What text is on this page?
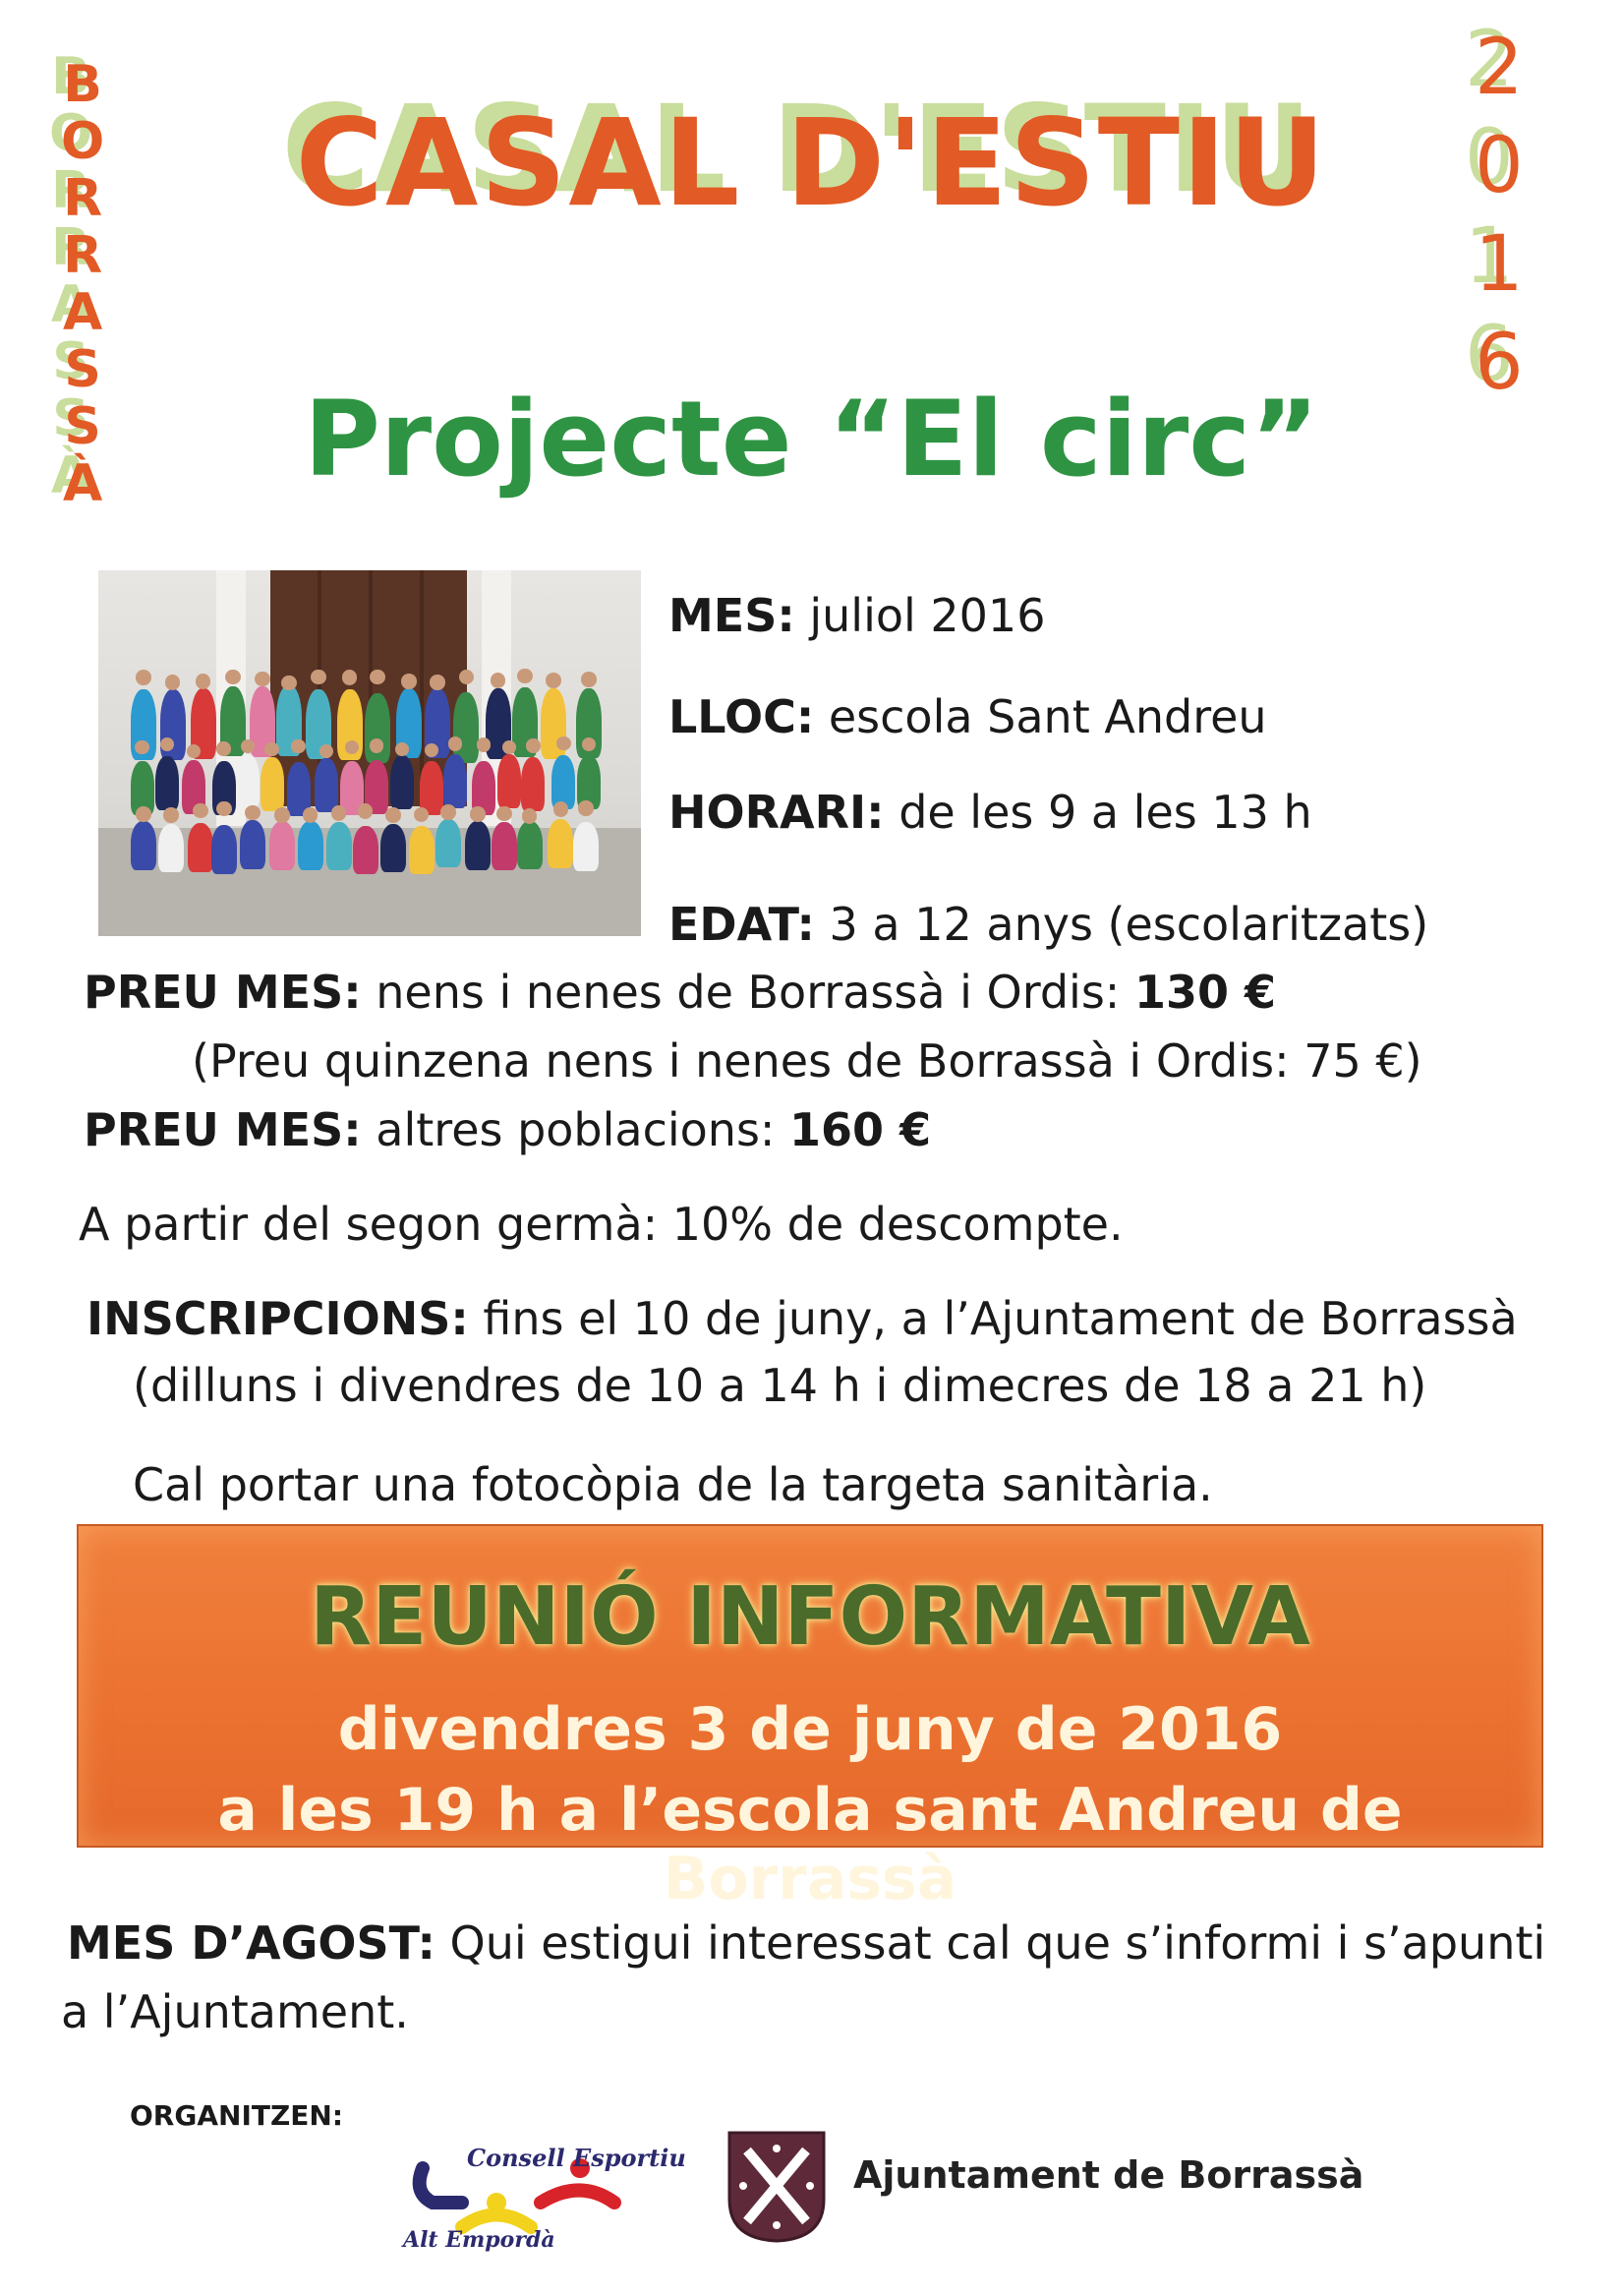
B
O
R
R
A
S
S
À
2
0
1
6
CASAL D'ESTIU
Projecte “El circ”
MES: juliol 2016
LLOC: escola Sant Andreu
HORARI: de les 9 a les 13 h
EDAT: 3 a 12 anys (escolaritzats)
PREU MES: nens i nenes de Borrassà i Ordis: 130 €
(Preu quinzena nens i nenes de Borrassà i Ordis: 75 €)
PREU MES: altres poblacions: 160 €
A partir del segon germà: 10% de descompte.
INSCRIPCIONS: fins el 10 de juny, a l’Ajuntament de Borrassà
(dilluns i divendres de 10 a 14 h i dimecres de 18 a 21 h)
Cal portar una fotocòpia de la targeta sanitària.
REUNIÓ INFORMATIVA
divendres 3 de juny de 2016
a les 19 h a l’escola sant Andreu de Borrassà
MES D’AGOST: Qui estigui interessat cal que s’informi i s’apunti
a l’Ajuntament.
ORGANITZEN:
Consell Esportiu
Alt Empordà
Ajuntament de Borrassà
